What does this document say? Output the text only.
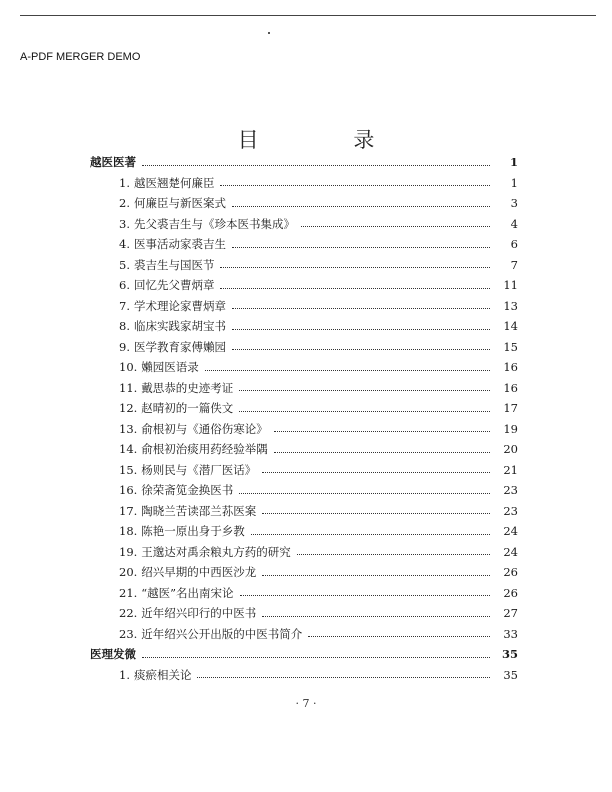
A-PDF MERGER DEMO
目 录
越医医著	1
1. 越医翘楚何廉臣	1
2. 何廉臣与新医案式	3
3. 先父裘吉生与《珍本医书集成》	4
4. 医事活动家裘吉生	6
5. 裘吉生与国医节	7
6. 回忆先父曹炳章	11
7. 学术理论家曹炳章	13
8. 临床实践家胡宝书	14
9. 医学教育家傅嬾园	15
10. 嬾园医语录	16
11. 戴思恭的史迹考证	16
12. 赵晴初的一篇佚文	17
13. 俞根初与《通俗伤寒论》	19
14. 俞根初治痰用药经验举隅	20
15. 杨则民与《潜厂医话》	21
16. 徐荣斋笕金换医书	23
17. 陶晓兰苦读邵兰荪医案	23
18. 陈艳一原出身于乡教	24
19. 王邈达对禹余粮丸方药的研究	24
20. 绍兴早期的中西医沙龙	26
21. “越医”名出南宋论	26
22. 近年绍兴印行的中医书	27
23. 近年绍兴公开出版的中医书简介	33
医理发微	35
1. 痰瘀相关论	35
· 7 ·
